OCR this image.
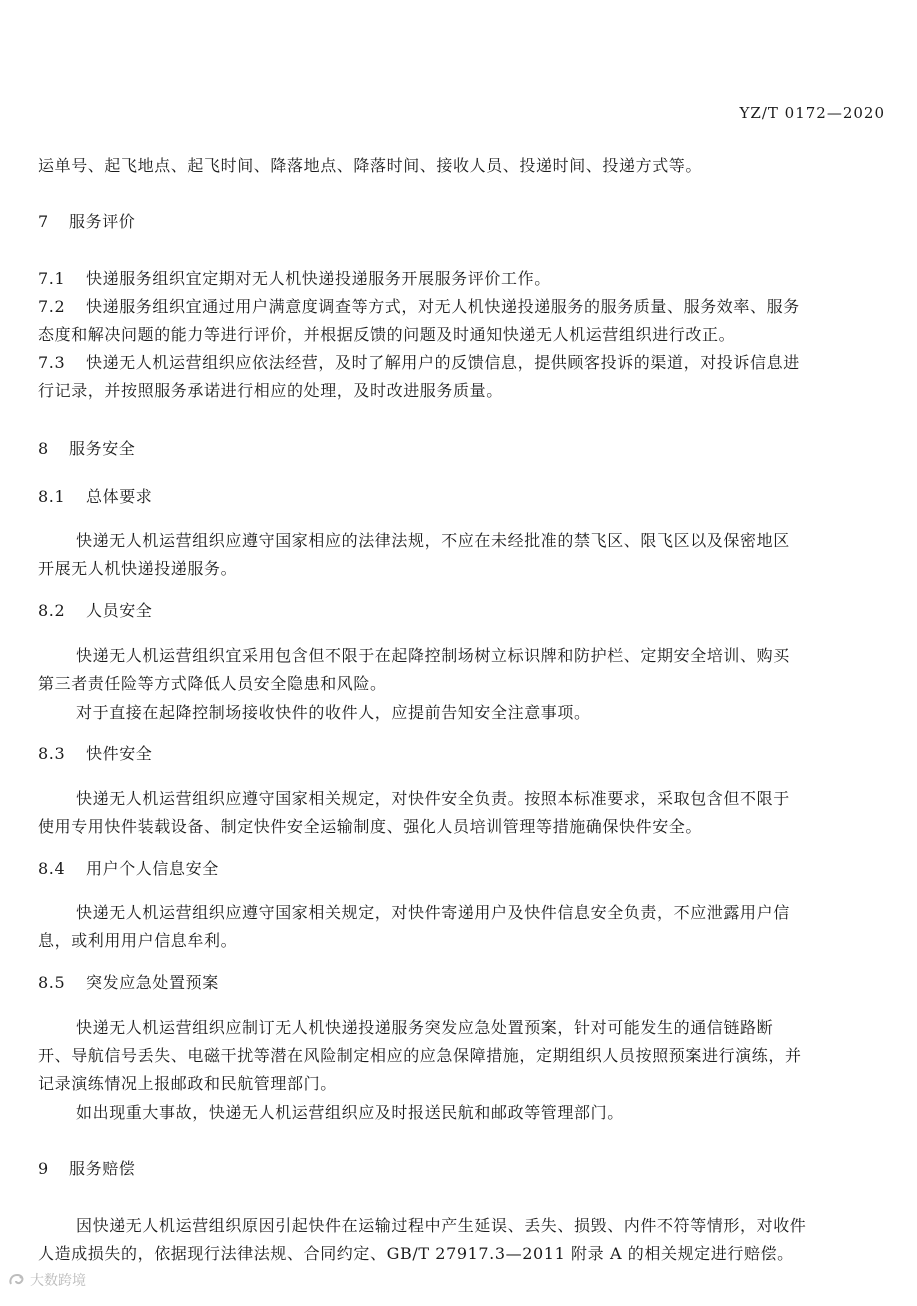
YZ/T 0172—2020
运单号、起飞地点、起飞时间、降落地点、降落时间、接收人员、投递时间、投递方式等。
7 服务评价
7.1 快递服务组织宜定期对无人机快递投递服务开展服务评价工作。
7.2 快递服务组织宜通过用户满意度调查等方式，对无人机快递投递服务的服务质量、服务效率、服务
态度和解决问题的能力等进行评价，并根据反馈的问题及时通知快递无人机运营组织进行改正。
7.3 快递无人机运营组织应依法经营，及时了解用户的反馈信息，提供顾客投诉的渠道，对投诉信息进
行记录，并按照服务承诺进行相应的处理，及时改进服务质量。
8 服务安全
8.1 总体要求
快递无人机运营组织应遵守国家相应的法律法规，不应在未经批准的禁飞区、限飞区以及保密地区
开展无人机快递投递服务。
8.2 人员安全
快递无人机运营组织宜采用包含但不限于在起降控制场树立标识牌和防护栏、定期安全培训、购买
第三者责任险等方式降低人员安全隐患和风险。
对于直接在起降控制场接收快件的收件人，应提前告知安全注意事项。
8.3 快件安全
快递无人机运营组织应遵守国家相关规定，对快件安全负责。按照本标准要求，采取包含但不限于
使用专用快件装载设备、制定快件安全运输制度、强化人员培训管理等措施确保快件安全。
8.4 用户个人信息安全
快递无人机运营组织应遵守国家相关规定，对快件寄递用户及快件信息安全负责，不应泄露用户信
息，或利用用户信息牟利。
8.5 突发应急处置预案
快递无人机运营组织应制订无人机快递投递服务突发应急处置预案，针对可能发生的通信链路断
开、导航信号丢失、电磁干扰等潜在风险制定相应的应急保障措施，定期组织人员按照预案进行演练，并
记录演练情况上报邮政和民航管理部门。
如出现重大事故，快递无人机运营组织应及时报送民航和邮政等管理部门。
9 服务赔偿
因快递无人机运营组织原因引起快件在运输过程中产生延误、丢失、损毁、内件不符等情形，对收件
人造成损失的，依据现行法律法规、合同约定、GB/T 27917.3—2011 附录 A 的相关规定进行赔偿。
大数跨境
